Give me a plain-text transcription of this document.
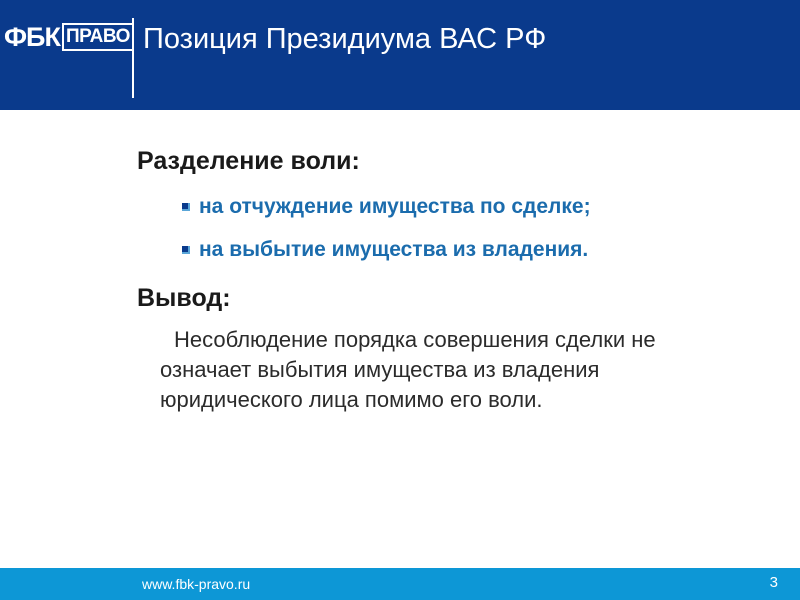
ФБК ПРАВО Позиция Президиума ВАС РФ
Разделение воли:
на отчуждение имущества по сделке;
на выбытие имущества из владения.
Вывод:
Несоблюдение порядка совершения сделки не
означает выбытия имущества из владения
юридического лица помимо его воли.
www.fbk-pravo.ru	3
